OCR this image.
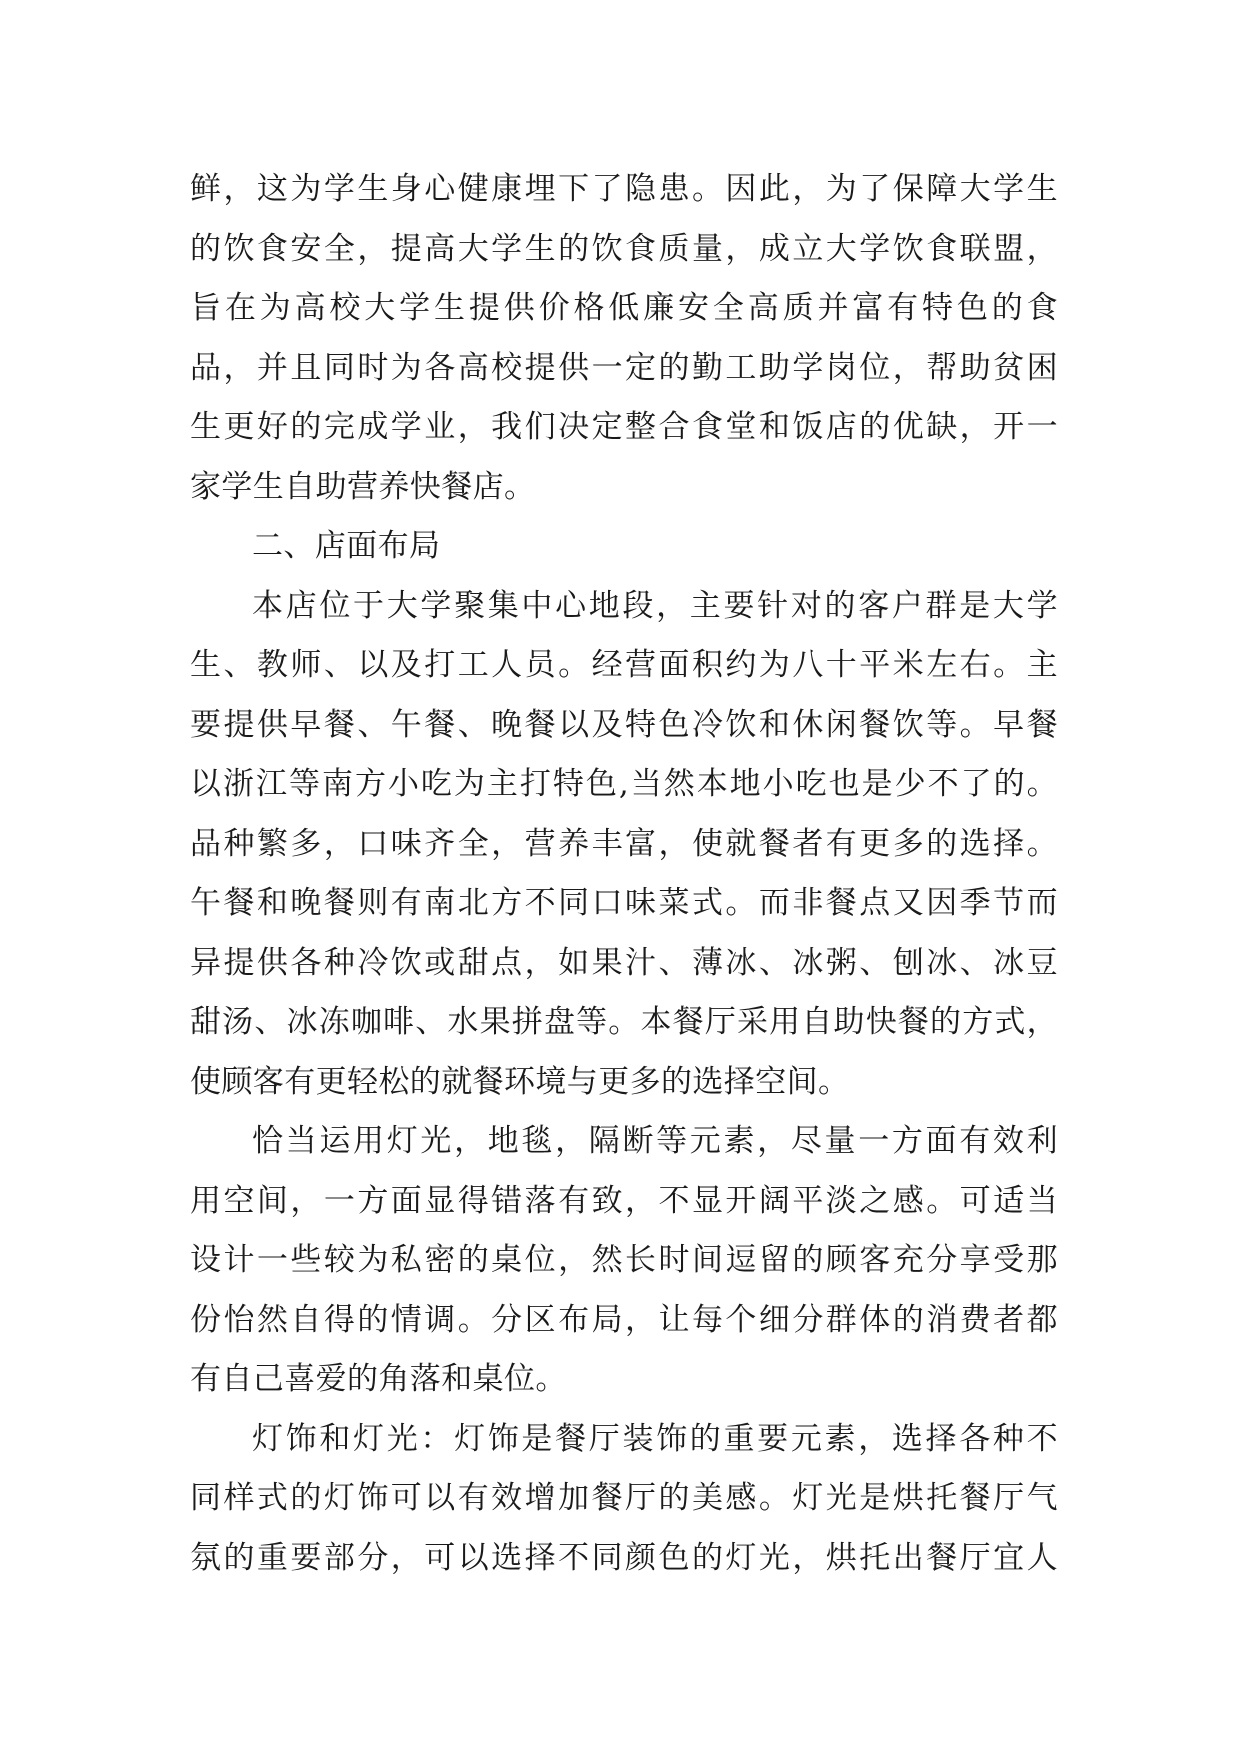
鲜，这为学生身心健康埋下了隐患。因此，为了保障大学生
的饮食安全，提高大学生的饮食质量，成立大学饮食联盟，
旨在为高校大学生提供价格低廉安全高质并富有特色的食
品，并且同时为各高校提供一定的勤工助学岗位，帮助贫困
生更好的完成学业，我们决定整合食堂和饭店的优缺，开一
家学生自助营养快餐店。
二、店面布局
本店位于大学聚集中心地段，主要针对的客户群是大学
生、教师、以及打工人员。经营面积约为八十平米左右。主
要提供早餐、午餐、晚餐以及特色冷饮和休闲餐饮等。早餐
以浙江等南方小吃为主打特色,当然本地小吃也是少不了的。
品种繁多，口味齐全，营养丰富，使就餐者有更多的选择。
午餐和晚餐则有南北方不同口味菜式。而非餐点又因季节而
异提供各种冷饮或甜点，如果汁、薄冰、冰粥、刨冰、冰豆
甜汤、冰冻咖啡、水果拼盘等。本餐厅采用自助快餐的方式，
使顾客有更轻松的就餐环境与更多的选择空间。
恰当运用灯光，地毯，隔断等元素，尽量一方面有效利
用空间，一方面显得错落有致，不显开阔平淡之感。可适当
设计一些较为私密的桌位，然长时间逗留的顾客充分享受那
份怡然自得的情调。分区布局，让每个细分群体的消费者都
有自己喜爱的角落和桌位。
灯饰和灯光：灯饰是餐厅装饰的重要元素，选择各种不
同样式的灯饰可以有效增加餐厅的美感。灯光是烘托餐厅气
氛的重要部分，可以选择不同颜色的灯光，烘托出餐厅宜人
